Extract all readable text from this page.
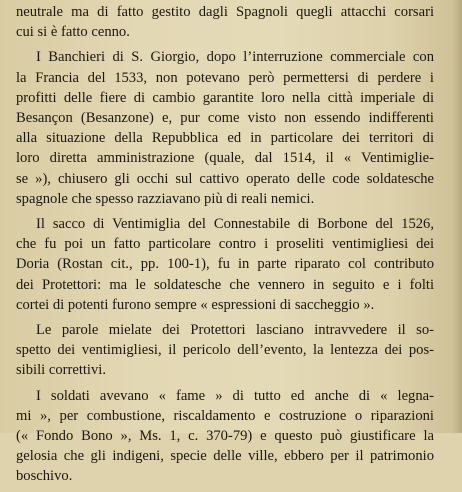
neutrale ma di fatto gestito dagli Spagnoli quegli attacchi corsari
cui si è fatto cenno.

I Banchieri di S. Giorgio, dopo l’interruzione commerciale con
la Francia del 1533, non potevano però permettersi di perdere i
profitti delle fiere di cambio garantite loro nella città imperiale di
Besançon (Besanzone) e, pur come visto non essendo indifferenti
alla situazione della Repubblica ed in particolare dei territori di
loro diretta amministrazione (quale, dal 1514, il « Ventimiglie-
se »), chiusero gli occhi sul cattivo operato delle code soldatesche
spagnole che spesso razziavano più di reali nemici.

Il sacco di Ventimiglia del Connestabile di Borbone del 1526,
che fu poi un fatto particolare contro i proseliti ventimigliesi dei
Doria (Rostan cit., pp. 100-1), fu in parte riparato col contributo
dei Protettori: ma le soldatesche che vennero in seguito e i folti
cortei di potenti furono sempre « espressioni di saccheggio ».

Le parole mielate dei Protettori lasciano intravvedere il so-
spetto dei ventimigliesi, il pericolo dell’evento, la lentezza dei pos-
sibili correttivi.

I soldati avevano « fame » di tutto ed anche di « legna-
mi », per combustione, riscaldamento e costruzione o riparazioni
(« Fondo Bono », Ms. 1, c. 370-79) e questo può giustificare la
gelosia che gli indigeni, specie delle ville, ebbero per il patrimonio
boschivo.
